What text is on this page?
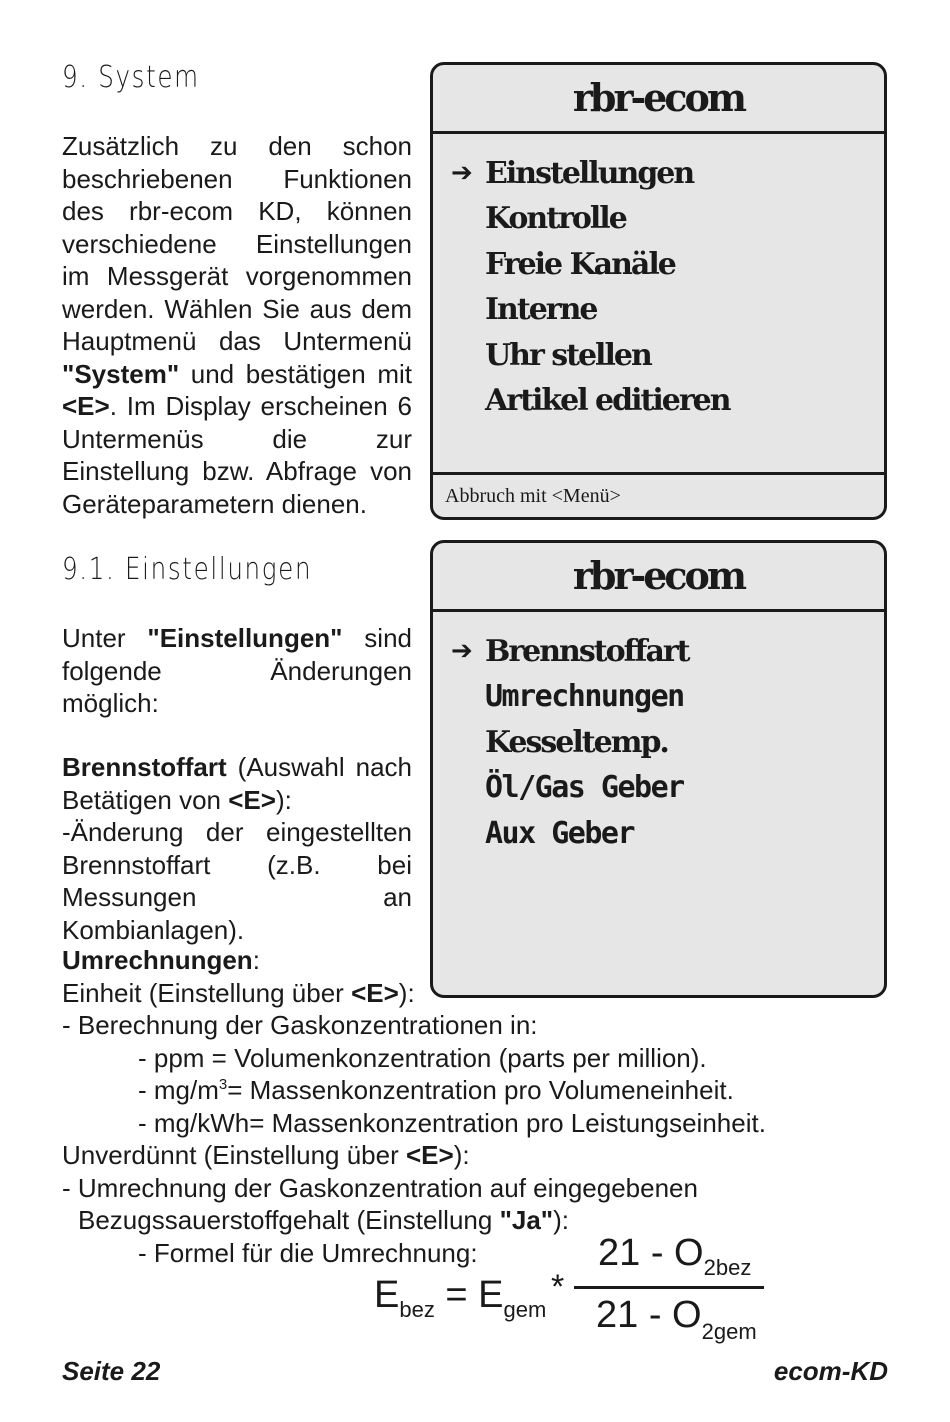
9. System
Zusätzlich zu den schon beschriebenen Funktionen des rbr-ecom KD, können verschiedene Einstellungen im Messgerät vorgenommen werden. Wählen Sie aus dem Hauptmenü das Untermenü "System" und bestätigen mit <E>. Im Display erscheinen 6 Untermenüs die zur Einstellung bzw. Abfrage von Geräteparametern dienen.
rbr-ecom
➔ Einstellungen
Kontrolle
Freie Kanäle
Interne
Uhr stellen
Artikel editieren
Abbruch mit <Menü>
9.1. Einstellungen
Unter "Einstellungen" sind folgende Änderungen möglich:
Brennstoffart (Auswahl nach Betätigen von <E>):
-Änderung der eingestellten Brennstoffart (z.B. bei Messungen an Kombianlagen).
Umrechnungen:
Einheit (Einstellung über <E>):
rbr-ecom
➔ Brennstoffart
Umrechnungen
Kesseltemp.
Öl/Gas Geber
Aux Geber
- Berechnung der Gaskonzentrationen in:
- ppm = Volumenkonzentration (parts per million).
- $mg/m^3=$ Massenkonzentration pro Volumeneinheit.
- mg/kWh= Massenkonzentration pro Leistungseinheit.
Unverdünnt (Einstellung über <E>):
- Umrechnung der Gaskonzentration auf eingegebenen
Bezugssauerstoffgehalt (Einstellung "Ja"):
- Formel für die Umrechnung:
$E_{bez} = E_{gem}$
*
$21 - O_{2bez}$
$21 - O_{2gem}$
Seite 22	ecom-KD
